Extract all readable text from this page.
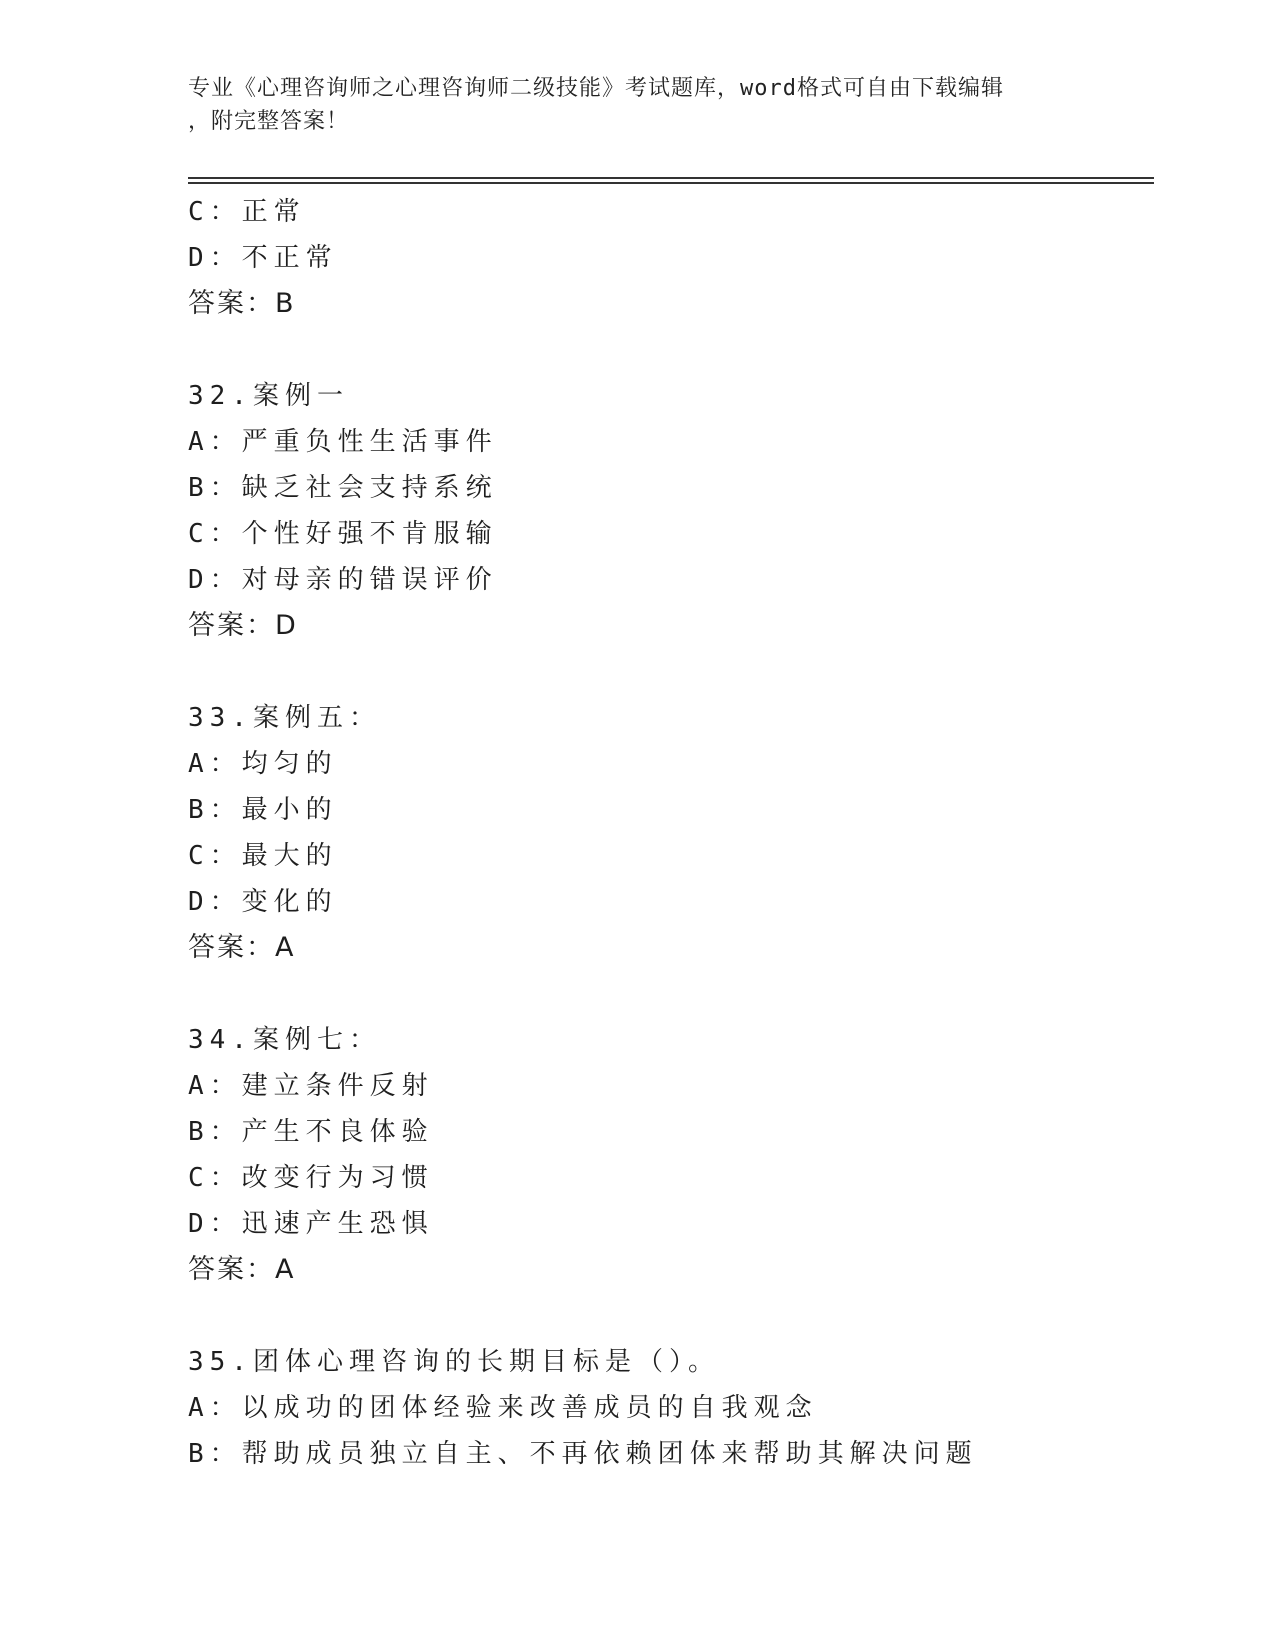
专业《心理咨询师之心理咨询师二级技能》考试题库，word格式可自由下载编辑
，附完整答案！
C：正常
D：不正常
答案：B
32.案例一
A：严重负性生活事件
B：缺乏社会支持系统
C：个性好强不肯服输
D：对母亲的错误评价
答案：D
33.案例五：
A：均匀的
B：最小的
C：最大的
D：变化的
答案：A
34.案例七：
A：建立条件反射
B：产生不良体验
C：改变行为习惯
D：迅速产生恐惧
答案：A
35.团体心理咨询的长期目标是（）。
A：以成功的团体经验来改善成员的自我观念
B：帮助成员独立自主、不再依赖团体来帮助其解决问题
